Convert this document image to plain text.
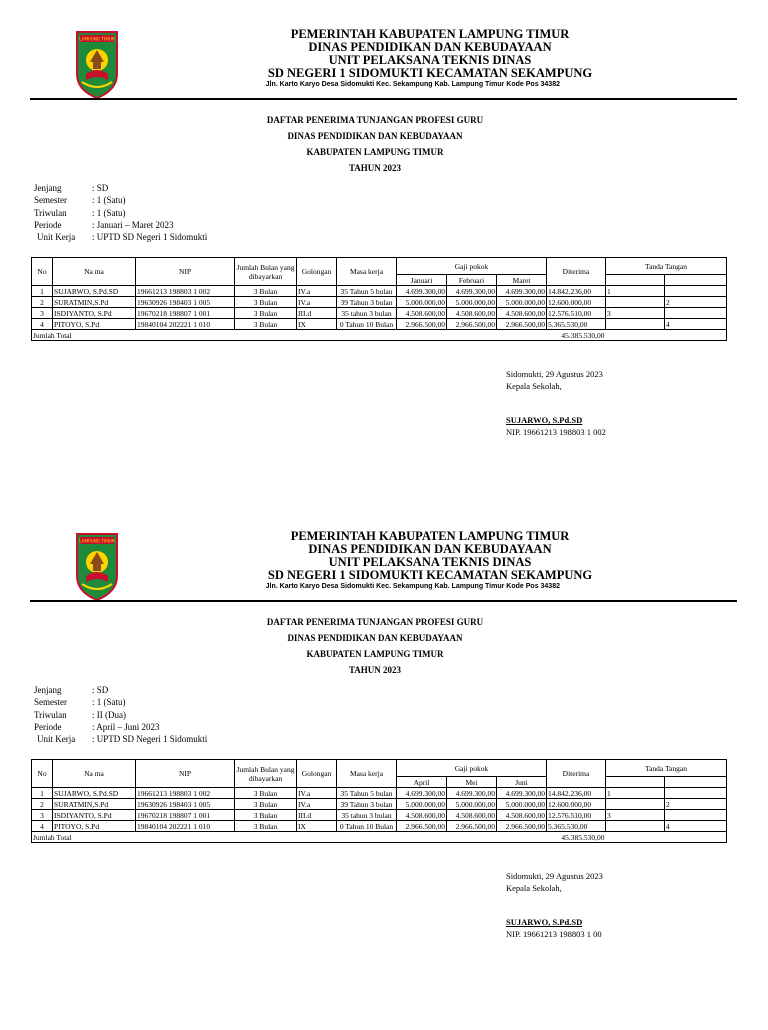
LAMPUNG TIMUR	PEMERINTAH KABUPATEN LAMPUNG TIMUR
DINAS PENDIDIKAN DAN KEBUDAYAAN
UNIT PELAKSANA TEKNIS DINAS
SD NEGERI 1 SIDOMUKTI KECAMATAN SEKAMPUNG
Jln. Karto Karyo Desa Sidomukti Kec. Sekampung Kab. Lampung Timur Kode Pos 34382
DAFTAR PENERIMA TUNJANGAN PROFESI GURU
DINAS PENDIDIKAN DAN KEBUDAYAAN
KABUPATEN LAMPUNG TIMUR
TAHUN 2023
Jenjang	: SD
Semester	: 1 (Satu)
Triwulan	: 1 (Satu)
Periode	: Januari – Maret 2023
Unit Kerja	: UPTD SD Negeri 1 Sidomukti
No	Na ma	NIP	Jumlah Bulan yang dibayarkan	Golongan	Masa kerja	Gaji pokok			Diterima	Tanda Tangan	
						Januari	Februari	Maret			
1	SUJARWO, S.Pd.SD	19661213 198803 1 002	3 Bulan	IV.a	35 Tahun 5 bulan	4.699.300,00	4.699.300,00	4.699.300,00	14.842.236,00	1	
2	SURATMIN,S.Pd	19630926 198403 1 005	3 Bulan	IV.a	39 Tahun 3 bulan	5.000.000,00	5.000.000,00	5.000.000,00	12.600.000,00		2
3	ISDIYANTO, S.Pd	19670218 198807 1 001	3 Bulan	III.d	35 tahun 3 bulan	4.508.600,00	4.508.600,00	4.508.600,00	12.576.510,00	3	
4	PITOYO, S.Pd	19840104 202221 1 010	3 Bulan	IX	0 Tahun 10 Bulan	2.966.500,00	2.966.500,00	2.966.500,00	5.365.530,00		4
Jumlah Total									45.385.530,00		
Sidomukti, 29 Agustus 2023
Kepala Sekolah,
SUJARWO, S.Pd.SD
NIP. 19661213 198803 1 002
LAMPUNG TIMUR	PEMERINTAH KABUPATEN LAMPUNG TIMUR
DINAS PENDIDIKAN DAN KEBUDAYAAN
UNIT PELAKSANA TEKNIS DINAS
SD NEGERI 1 SIDOMUKTI KECAMATAN SEKAMPUNG
Jln. Karto Karyo Desa Sidomukti Kec. Sekampung Kab. Lampung Timur Kode Pos 34382
DAFTAR PENERIMA TUNJANGAN PROFESI GURU
DINAS PENDIDIKAN DAN KEBUDAYAAN
KABUPATEN LAMPUNG TIMUR
TAHUN 2023
Jenjang	: SD
Semester	: 1 (Satu)
Triwulan	: II (Dua)
Periode	: April – Juni 2023
Unit Kerja	: UPTD SD Negeri 1 Sidomukti
No	Na ma	NIP	Jumlah Bulan yang dibayarkan	Golongan	Masa kerja	Gaji pokok			Diterima	Tanda Tangan	
						April	Mei	Juni			
1	SUJARWO, S.Pd.SD	19661213 198803 1 002	3 Bulan	IV.a	35 Tahun 5 bulan	4.699.300,00	4.699.300,00	4.699.300,00	14.842.236,00	1	
2	SURATMIN,S.Pd	19630926 198403 1 005	3 Bulan	IV.a	39 Tahun 3 bulan	5.000.000,00	5.000.000,00	5.000.000,00	12.600.000,00		2
3	ISDIYANTO, S.Pd	19670218 198807 1 001	3 Bulan	III.d	35 tahun 3 bulan	4.508.600,00	4.508.600,00	4.508.600,00	12.576.510,00	3	
4	PITOYO, S.Pd	19840104 202221 1 010	3 Bulan	IX	0 Tahun 10 Bulan	2.966.500,00	2.966.500,00	2.966.500,00	5.365.530,00		4
Jumlah Total									45.385.530,00		
Sidomukti, 29 Agustus 2023
Kepala Sekolah,
SUJARWO, S.Pd.SD
NIP. 19661213 198803 1 00
